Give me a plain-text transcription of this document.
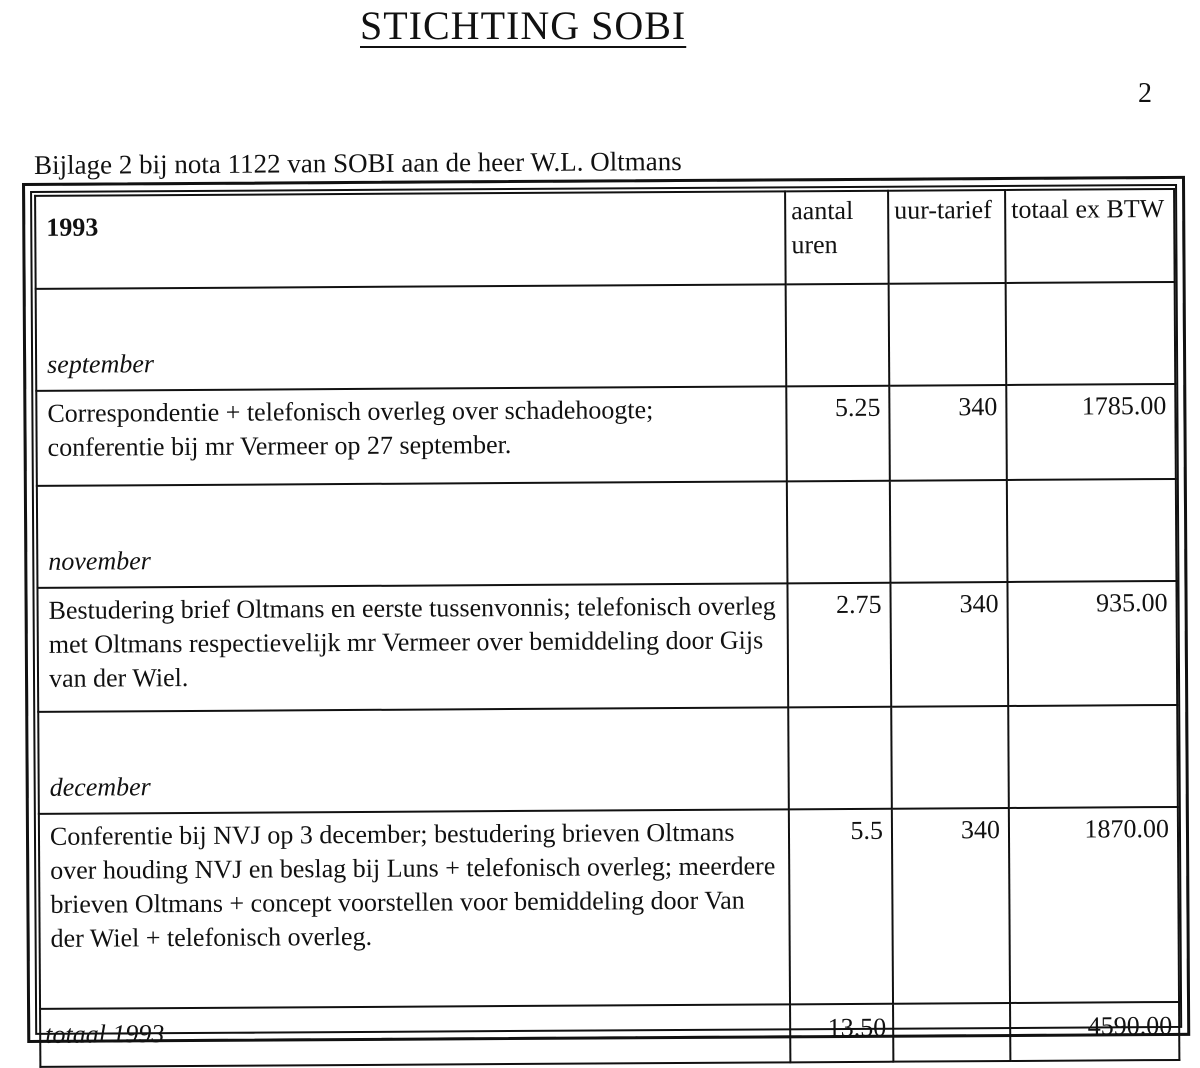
STICHTING SOBI
2
Bijlage 2 bij nota 1122 van SOBI aan de heer W.L. Oltmans
1993	aantal uren	uur-tarief	totaal ex BTW

september			

Correspondentie + telefonisch overleg over schadehoogte; conferentie bij mr Vermeer op 27 september.	5.25	340	1785.00

november			

Bestudering brief Oltmans en eerste tussenvonnis; telefonisch overleg met Oltmans respectievelijk mr Vermeer over bemiddeling door Gijs van der Wiel.	2.75	340	935.00

december			

Conferentie bij NVJ op 3 december; bestudering brieven Oltmans over houding NVJ en beslag bij Luns + telefonisch overleg; meerdere brieven Oltmans + concept voorstellen voor bemiddeling door Van der Wiel + telefonisch overleg.	5.5	340	1870.00
totaal 1993	13.50		4590.00
